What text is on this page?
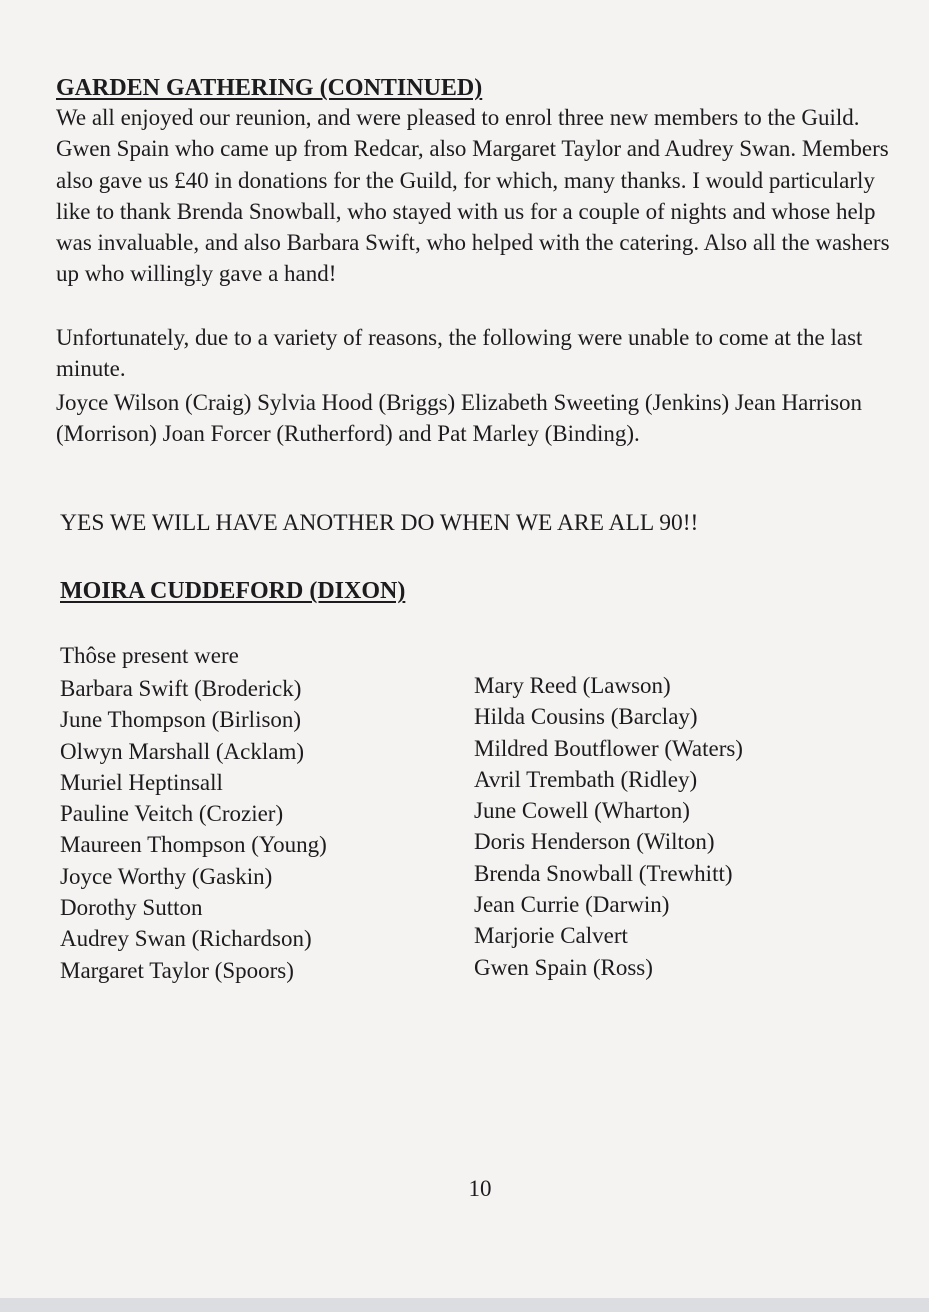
GARDEN GATHERING (CONTINUED)

We all enjoyed our reunion, and were pleased to enrol three new members to the Guild. Gwen Spain who came up from Redcar, also Margaret Taylor and Audrey Swan. Members also gave us £40 in donations for the Guild, for which, many thanks. I would particularly like to thank Brenda Snowball, who stayed with us for a couple of nights and whose help was invaluable, and also Barbara Swift, who helped with the catering. Also all the washers up who willingly gave a hand!

Unfortunately, due to a variety of reasons, the following were unable to come at the last minute.

Joyce Wilson (Craig) Sylvia Hood (Briggs) Elizabeth Sweeting (Jenkins) Jean Harrison (Morrison) Joan Forcer (Rutherford) and Pat Marley (Binding).

YES WE WILL HAVE ANOTHER DO WHEN WE ARE ALL 90!!

MOIRA CUDDEFORD (DIXON)

Thôse present were

Barbara Swift (Broderick)
June Thompson (Birlison)
Olwyn Marshall (Acklam)
Muriel Heptinsall
Pauline Veitch (Crozier)
Maureen Thompson (Young)
Joyce Worthy (Gaskin)
Dorothy Sutton
Audrey Swan (Richardson)
Margaret Taylor (Spoors)
Mary Reed (Lawson)
Hilda Cousins (Barclay)
Mildred Boutflower (Waters)
Avril Trembath (Ridley)
June Cowell (Wharton)
Doris Henderson (Wilton)
Brenda Snowball (Trewhitt)
Jean Currie (Darwin)
Marjorie Calvert
Gwen Spain (Ross)

10
